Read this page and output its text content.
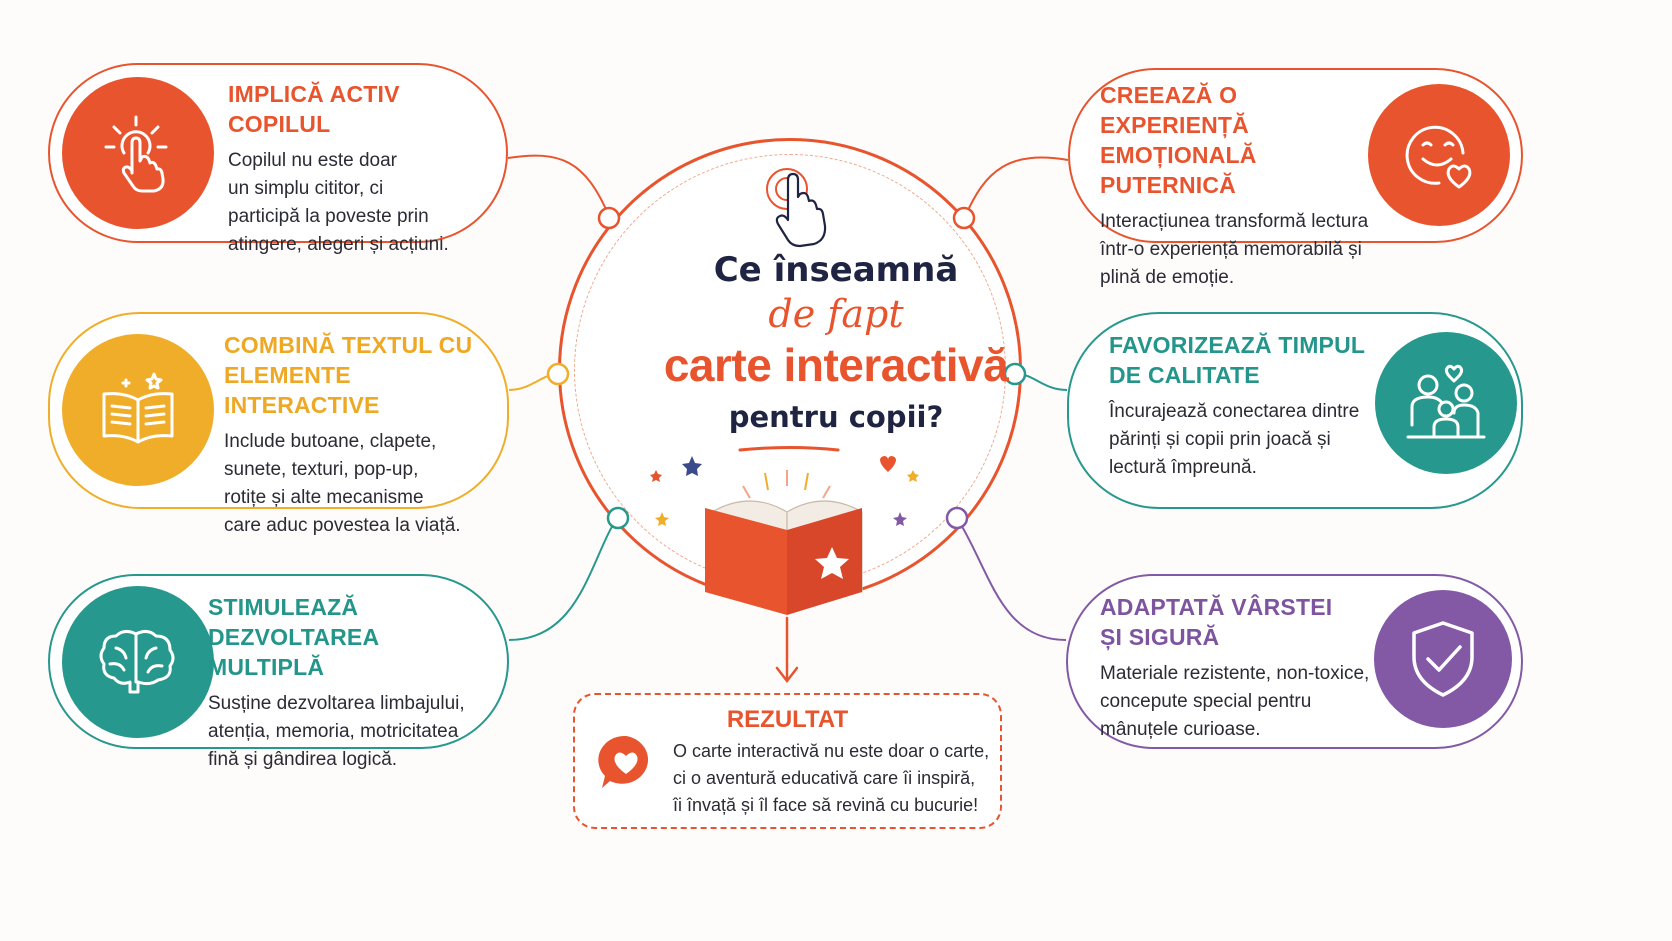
Ce înseamnă
de fapt
carte interactivă
pentru copii?
IMPLICĂ ACTIV COPILUL
Copilul nu este doar
un simplu cititor, ci
participă la poveste prin
atingere, alegeri și acțiuni.
COMBINĂ TEXTUL CU
ELEMENTE INTERACTIVE
Include butoane, clapete,
sunete, texturi, pop-up,
rotițe și alte mecanisme
care aduc povestea la viață.
STIMULEAZĂ DEZVOLTAREA
MULTIPLĂ
Susține dezvoltarea limbajului,
atenția, memoria, motricitatea
fină și gândirea logică.
CREEAZĂ O EXPERIENȚĂ
EMOȚIONALĂ PUTERNICĂ
Interacțiunea transformă lectura
într-o experiență memorabilă și
plină de emoție.
FAVORIZEAZĂ TIMPUL
DE CALITATE
Încurajează conectarea dintre
părinți și copii prin joacă și
lectură împreună.
ADAPTATĂ VÂRSTEI
ȘI SIGURĂ
Materiale rezistente, non-toxice,
concepute special pentru
mânuțele curioase.
REZULTAT
O carte interactivă nu este doar o carte,
ci o aventură educativă care îi inspiră,
îi învață și îl face să revină cu bucurie!
